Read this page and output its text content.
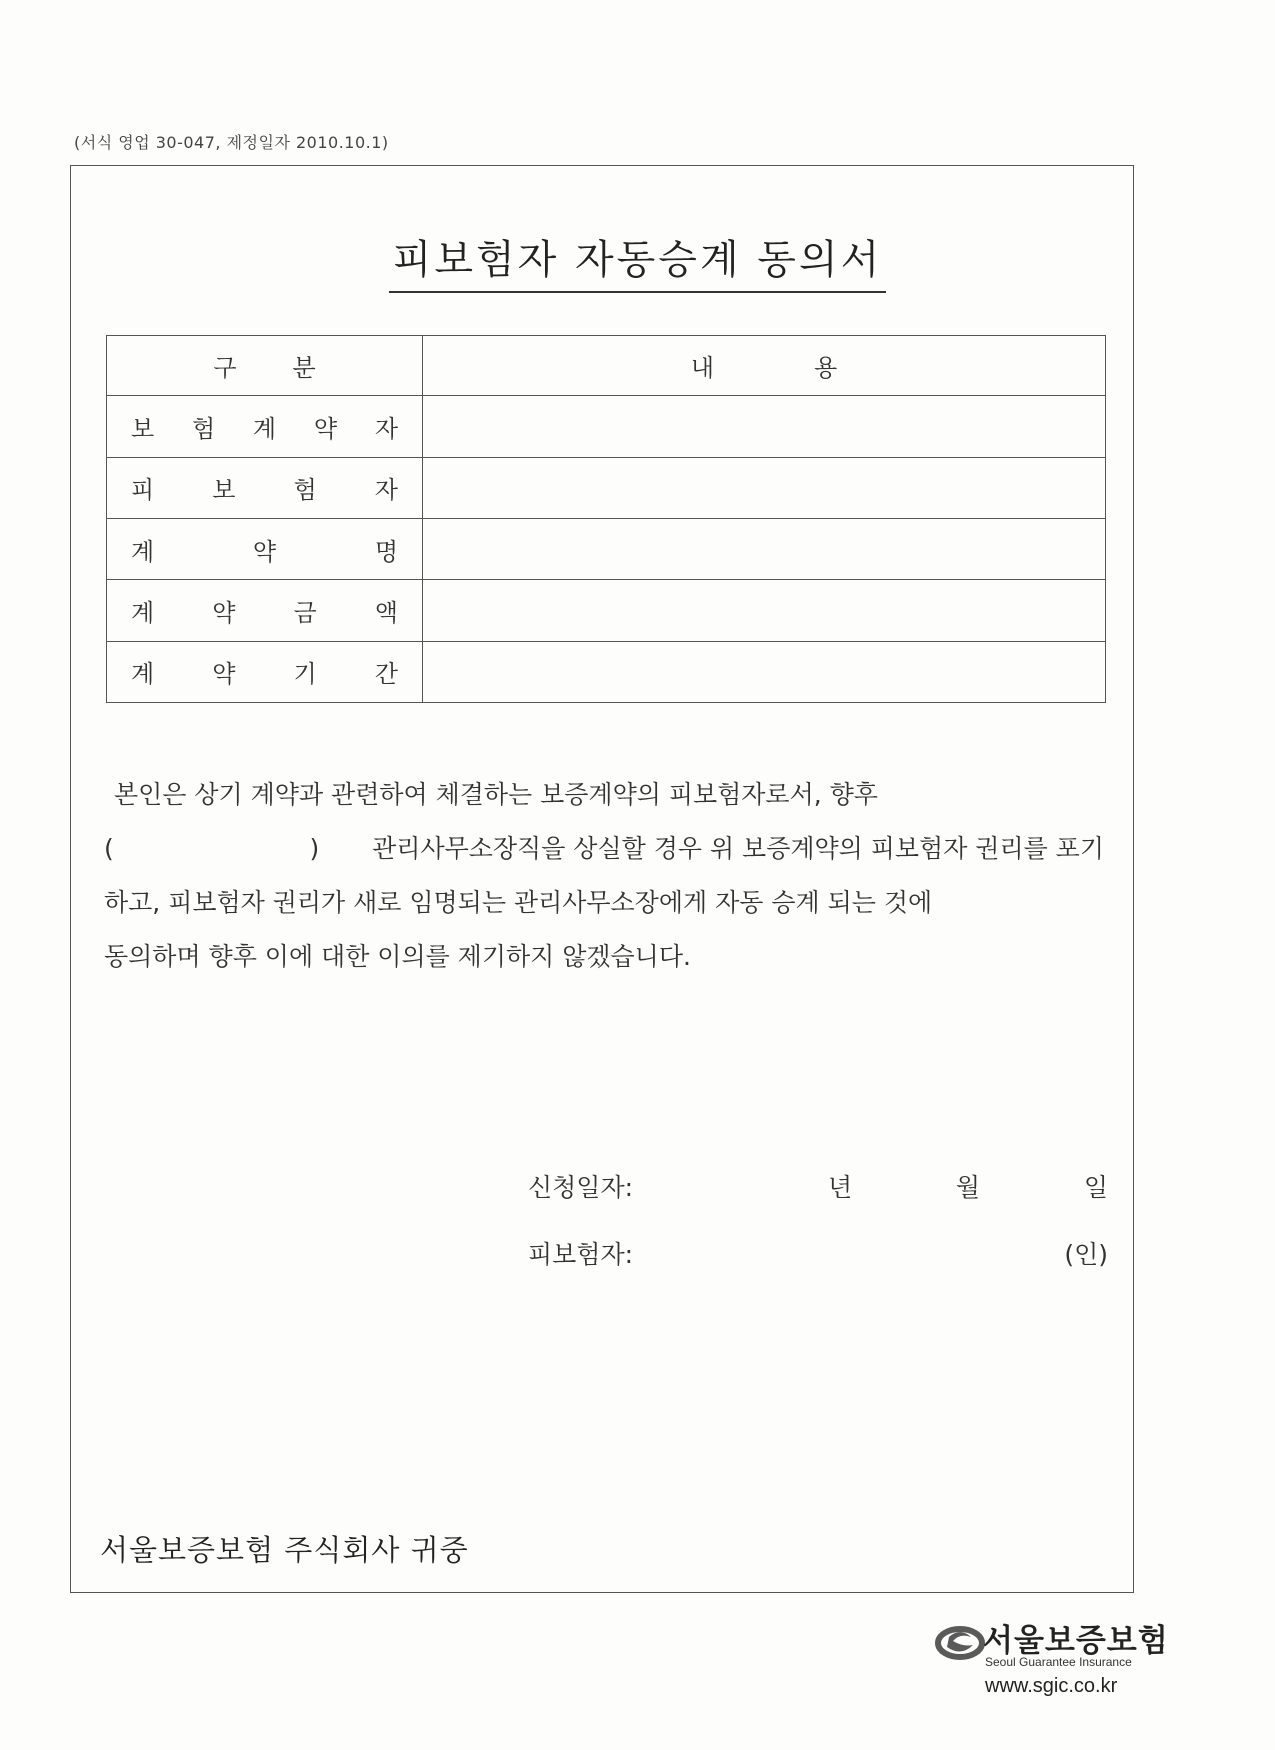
(서식 영업 30-047, 제정일자 2010.10.1)
피보험자 자동승계 동의서
구 분	내 용

보 험 계 약 자	

피 보 험 자	

계 약 명	

계 약 금 액	

계 약 기 간	

본인은 상기 계약과 관련하여 체결하는 보증계약의 피보험자로서, 향후
(	) 관리사무소장직을 상실할 경우 위 보증계약의 피보험자 권리를 포기
하고, 피보험자 권리가 새로 임명되는 관리사무소장에게 자동 승계 되는 것에
동의하며 향후 이에 대한 이의를 제기하지 않겠습니다.
신청일자:	년	월	일
피보험자:	(인)
서울보증보험 주식회사 귀중
서울보증보험
Seoul Guarantee Insurance
www.sgic.co.kr
